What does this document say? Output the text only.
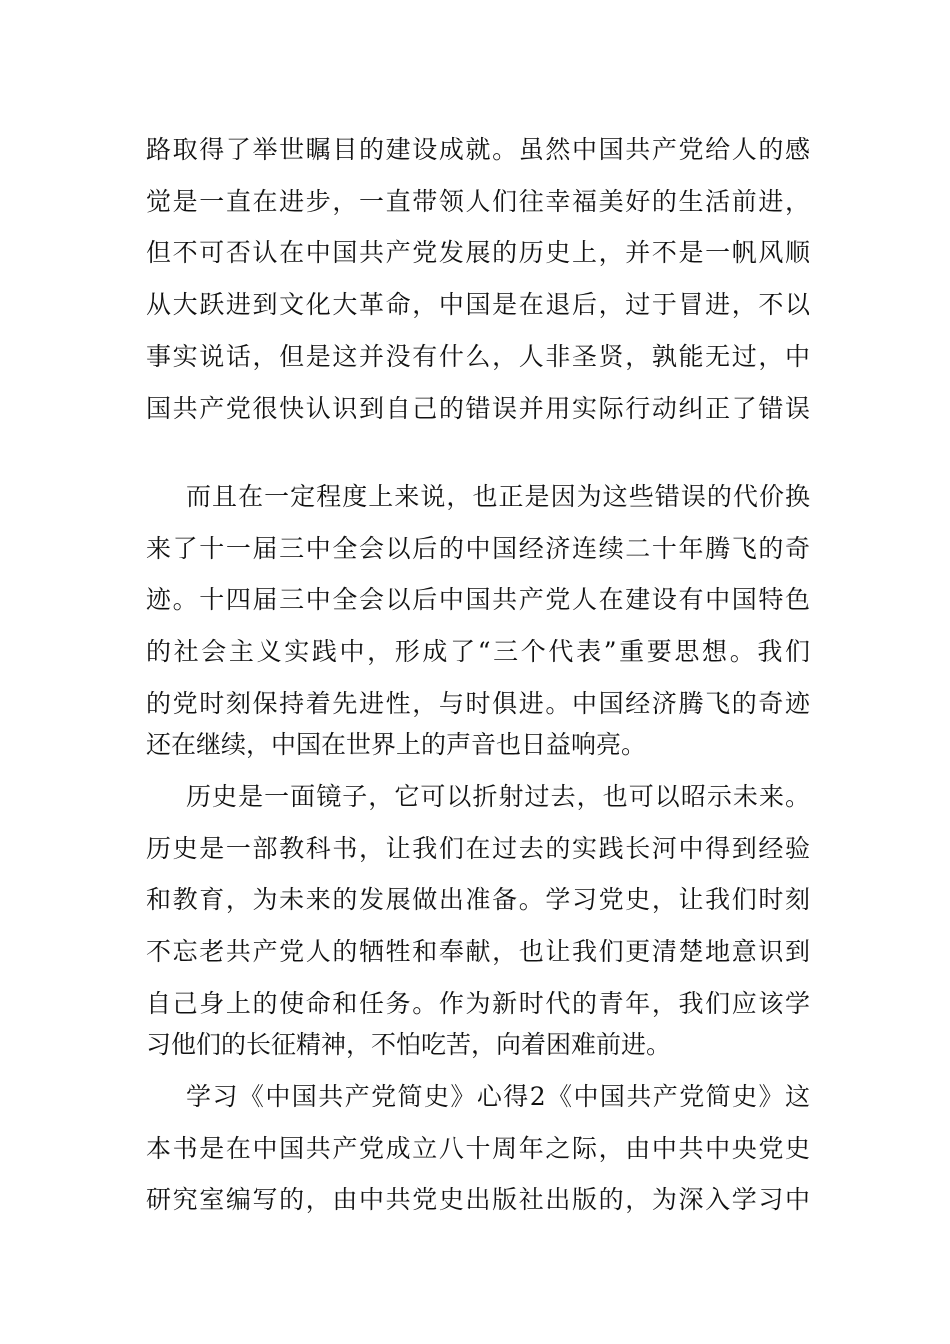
路取得了举世瞩目的建设成就。虽然中国共产党给人的感
觉是一直在进步，一直带领人们往幸福美好的生活前进，
但不可否认在中国共产党发展的历史上，并不是一帆风顺
从大跃进到文化大革命，中国是在退后，过于冒进，不以
事实说话，但是这并没有什么，人非圣贤，孰能无过，中
国共产党很快认识到自己的错误并用实际行动纠正了错误
而且在一定程度上来说，也正是因为这些错误的代价换
来了十一届三中全会以后的中国经济连续二十年腾飞的奇
迹。十四届三中全会以后中国共产党人在建设有中国特色
的社会主义实践中，形成了“三个代表”重要思想。我们
的党时刻保持着先进性，与时俱进。中国经济腾飞的奇迹
还在继续，中国在世界上的声音也日益响亮。
历史是一面镜子，它可以折射过去，也可以昭示未来。
历史是一部教科书，让我们在过去的实践长河中得到经验
和教育，为未来的发展做出准备。学习党史，让我们时刻
不忘老共产党人的牺牲和奉献，也让我们更清楚地意识到
自己身上的使命和任务。作为新时代的青年，我们应该学
习他们的长征精神，不怕吃苦，向着困难前进。
学习《中国共产党简史》心得2《中国共产党简史》这
本书是在中国共产党成立八十周年之际，由中共中央党史
研究室编写的，由中共党史出版社出版的，为深入学习中
